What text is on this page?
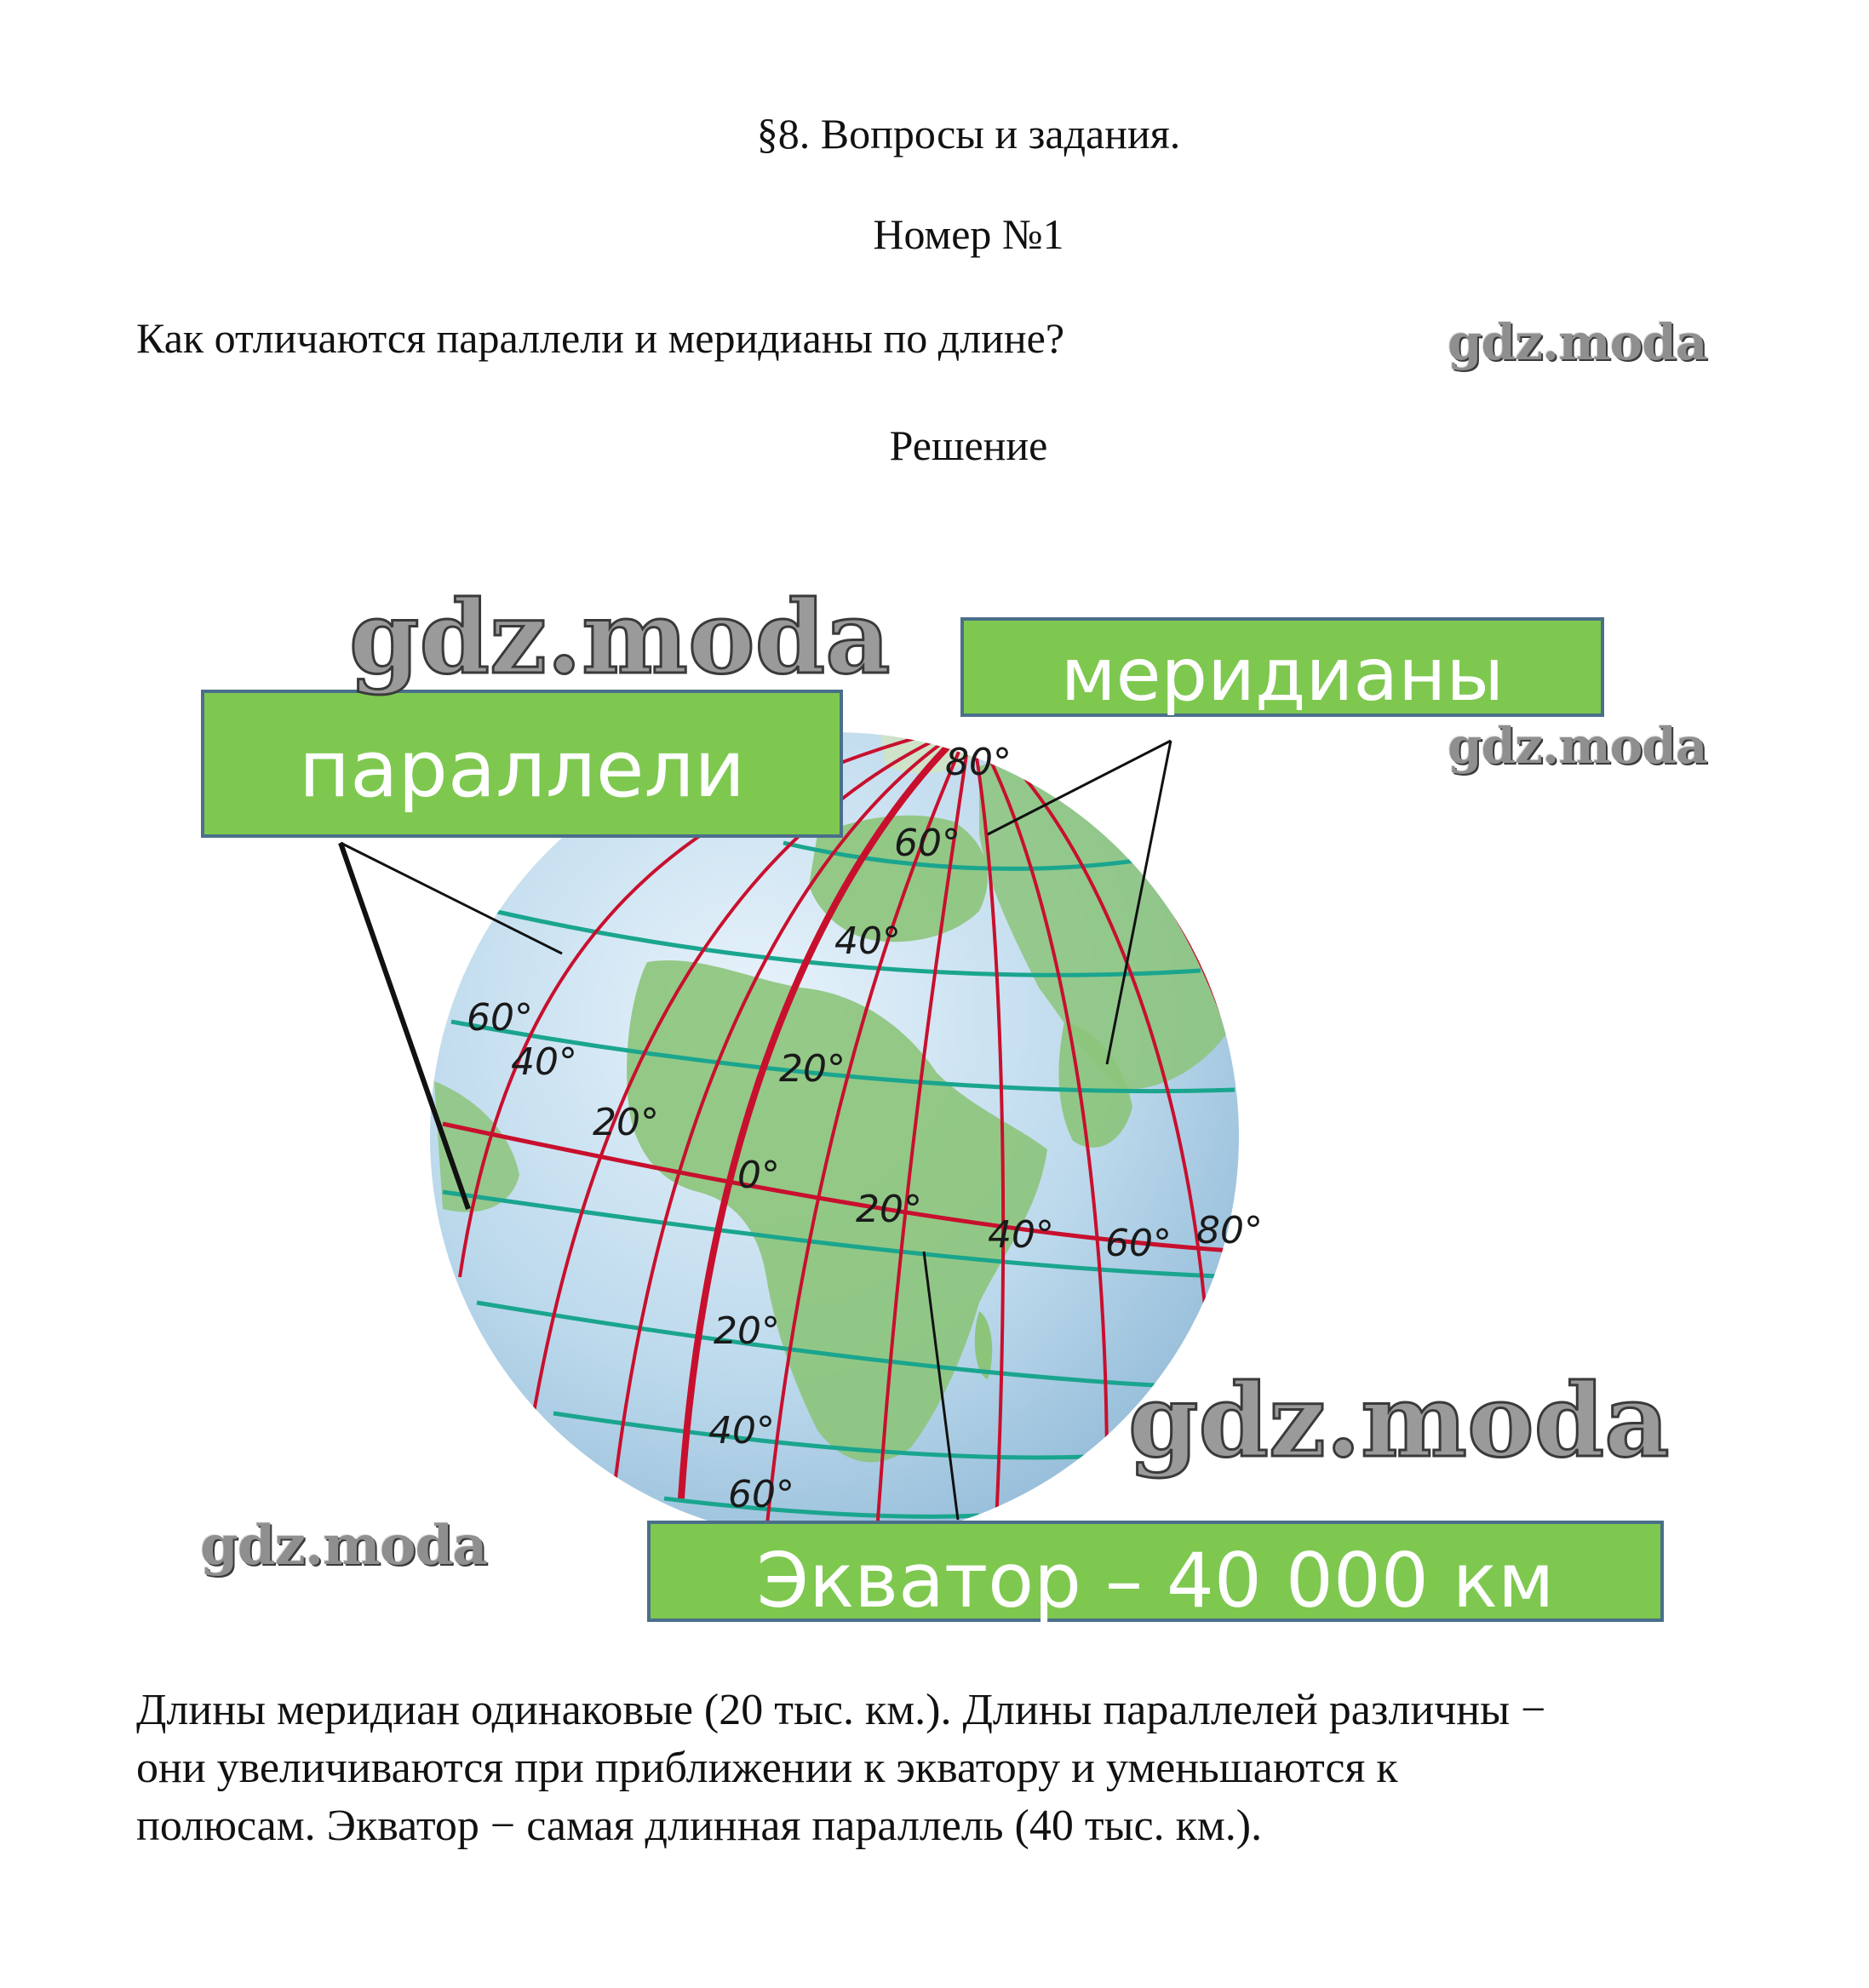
§8. Вопросы и задания.
Номер №1
Как отличаются параллели и меридианы по длине?	gdz.moda
Решение
80°
60°
40°
60°
40°	20°
20°
0°
20°
40° 60° 80°
20°
40°
60°
параллели
меридианы
Экватор – 40 000 км
gdz.moda
gdz.moda
gdz.moda
gdz.moda
Длины меридиан одинаковые (20 тыс. км.). Длины параллелей различны −
они увеличиваются при приближении к экватору и уменьшаются к
полюсам. Экватор − самая длинная параллель (40 тыс. км.).
